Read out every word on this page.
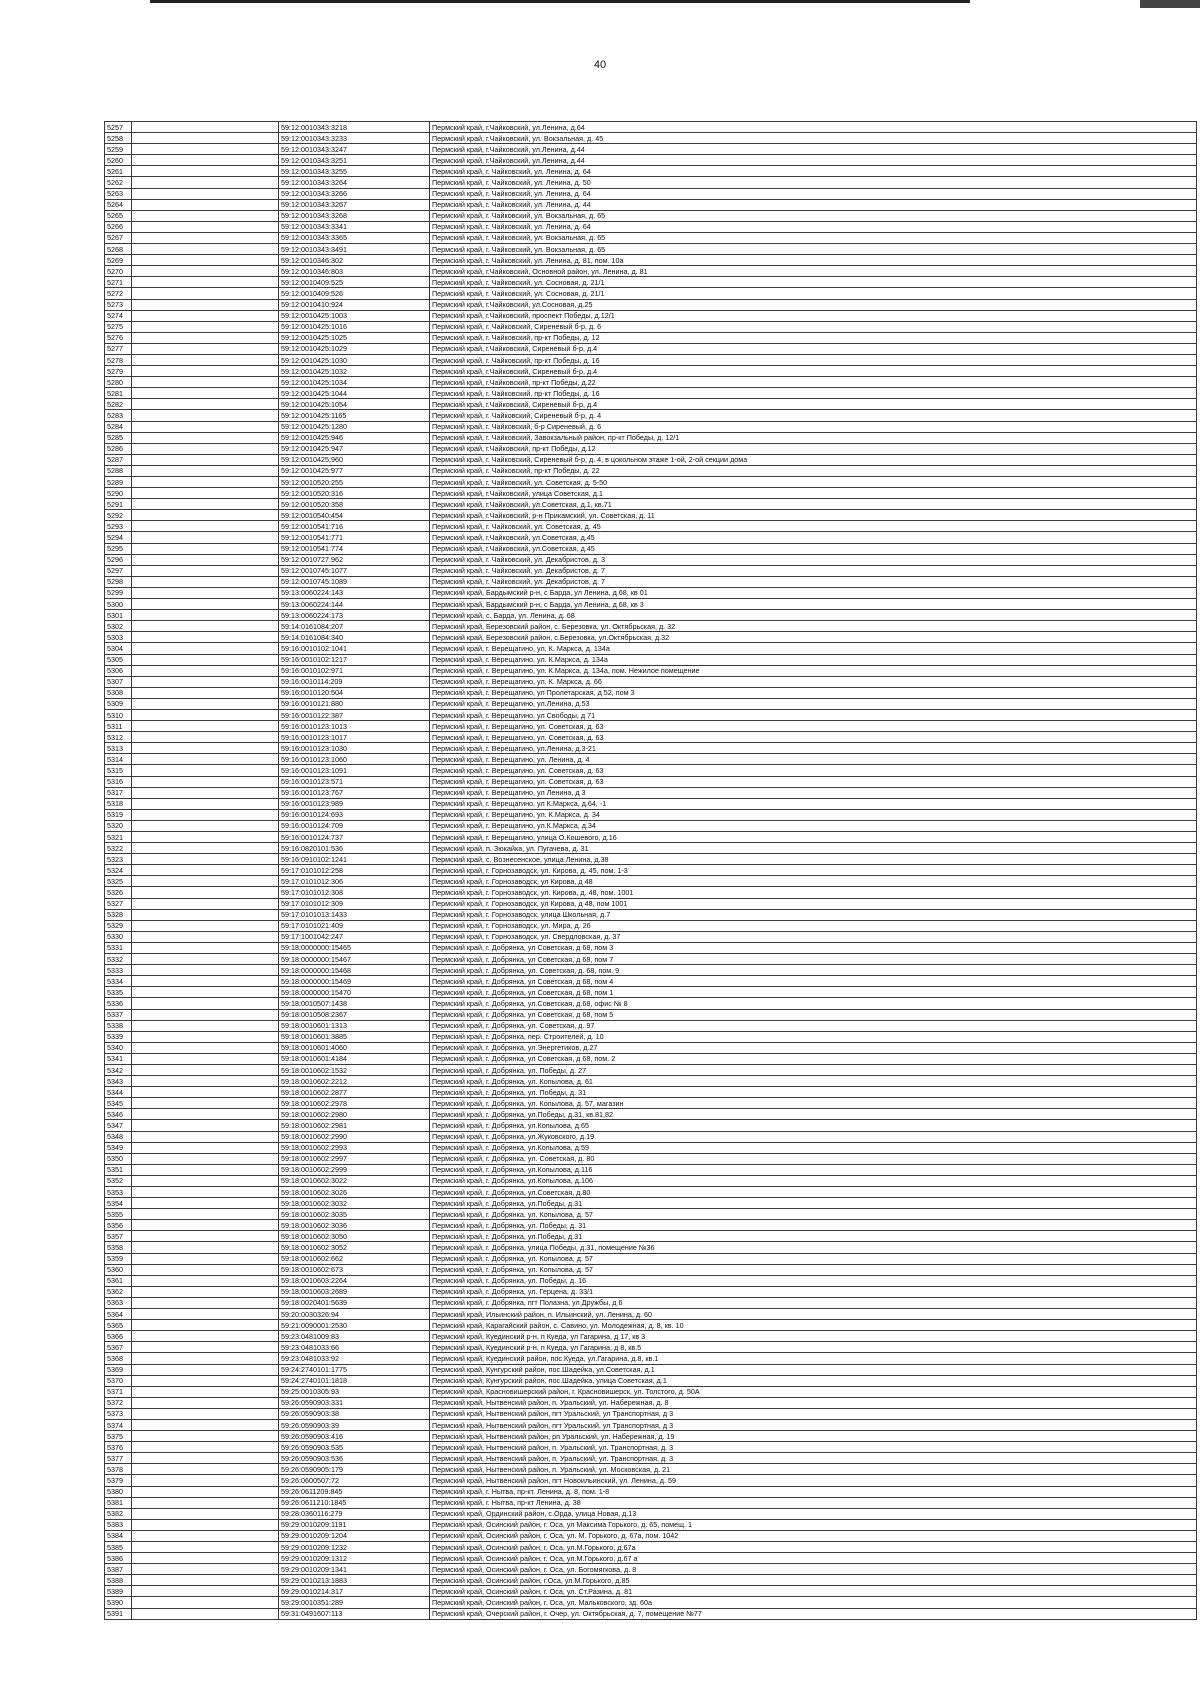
40
5257		59:12:0010343:3218	Пермский край, г.Чайковский, ул.Ленина, д.64
5258		59:12:0010343:3233	Пермский край, г.Чайковский, ул. Вокзальная, д. 45
5259		59:12:0010343:3247	Пермский край, г.Чайковский, ул.Ленина, д.44
5260		59:12:0010343:3251	Пермский край, г.Чайковский, ул.Ленина, д.44
5261		59:12:0010343:3255	Пермский край, г. Чайковский, ул. Ленина, д. 64
5262		59:12:0010343:3264	Пермский край, г. Чайковский, ул. Ленина, д. 50
5263		59:12:0010343:3266	Пермский край, г. Чайковский, ул. Ленина, д. 64
5264		59:12:0010343:3267	Пермский край, г. Чайковский, ул. Ленина, д. 44
5265		59:12:0010343:3268	Пермский край, г. Чайковский, ул. Вокзальная, д. 65
5266		59:12:0010343:3341	Пермский край, г. Чайковский, ул. Ленина, д. 64
5267		59:12:0010343:3365	Пермский край, г. Чайковский, ул. Вокзальная, д. 65
5268		59:12:0010343:3491	Пермский край, г. Чайковский, ул. Вокзальная, д. 65
5269		59:12:0010346:302	Пермский край, г. Чайковский, ул. Ленина, д. 81, пом. 10а
5270		59:12:0010346:803	Пермский край, г.Чайковский, Основной район, ул. Ленина, д. 81
5271		59:12:0010409:525	Пермский край, г. Чайковский, ул. Сосновая, д. 21/1
5272		59:12:0010409:526	Пермский край, г. Чайковский, ул. Сосновая, д. 21/1
5273		59:12:0010410:924	Пермский край, г.Чайковский, ул.Сосновая, д.25
5274		59:12:0010425:1003	Пермский край, г.Чайковский, проспект Победы, д.12/1
5275		59:12:0010425:1016	Пермский край, г. Чайковский, Сиреневый б-р, д. 6
5276		59:12:0010425:1025	Пермский край, г. Чайковский, пр-кт Победы, д. 12
5277		59:12:0010425:1029	Пермский край, г.Чайковский, Сиреневый б-р, д.4
5278		59:12:0010425:1030	Пермский край, г. Чайковский, пр-кт Победы, д. 16
5279		59:12:0010425:1032	Пермский край, г.Чайковский, Сиреневый б-р, д.4
5280		59:12:0010425:1034	Пермский край, г.Чайковский, пр-кт Победы, д.22
5281		59:12:0010425:1044	Пермский край, г. Чайковский, пр-кт Победы, д. 16
5282		59:12:0010425:1054	Пермский край, г.Чайковский, Сиреневый б-р, д.4
5283		59:12:0010425:1165	Пермский край, г. Чайковский, Сиреневый б-р, д. 4
5284		59:12:0010425:1280	Пермский край, г. Чайковский, б-р Сиреневый, д. 6
5285		59:12:0010425:946	Пермский край, г. Чайковский, Завокзальный район, пр-кт Победы, д. 12/1
5286		59:12:0010425:947	Пермский край, г.Чайковский, пр-кт Победы, д.12
5287		59:12:0010425:960	Пермский край, г. Чайковский, Сиреневый б-р, д. 4, в цокольном этаже 1-ой, 2-ой секции дома
5288		59:12:0010425:977	Пермский край, г. Чайковский, пр-кт Победы, д. 22
5289		59:12:0010520:255	Пермский край, г. Чайковский, ул. Советская, д. 5-50
5290		59:12:0010520:316	Пермский край, г.Чайковский, улица Советская, д.1
5291		59:12:0010520:358	Пермский край, г.Чайковский, ул.Советская, д.1, кв.71
5292		59:12:0010540:454	Пермский край, г.Чайковский, р-н Прикамский, ул. Советская, д. 11
5293		59:12:0010541:716	Пермский край, г. Чайковский, ул. Советская, д. 45
5294		59:12:0010541:771	Пермский край, г.Чайковский, ул.Советская, д.45
5295		59:12:0010541:774	Пермский край, г.Чайковский, ул.Советская, д.45
5296		59:12:0010727:962	Пермский край, г. Чайковский, ул. Декабристов, д. 3
5297		59:12:0010745:1077	Пермский край, г. Чайковский, ул. Декабристов, д. 7
5298		59:12:0010745:1089	Пермский край, г. Чайковский, ул. Декабристов, д. 7
5299		59:13:0060224:143	Пермский край, Бардымский р-н, с Барда, ул Ленина, д 68, кв 01
5300		59:13:0060224:144	Пермский край, Бардымский р-н, с Барда, ул Ленина, д 68, кв 3
5301		59:13:0060224:173	Пермский край, с. Барда, ул. Ленина, д. 68
5302		59:14:0161084:207	Пермский край, Березовский район, с. Березовка, ул. Октябрьская, д. 32
5303		59:14:0161084:340	Пермский край, Березовский район, с.Березовка, ул.Октябрьская, д.32
5304		59:16:0010102:1041	Пермский край, г. Верещагино, ул. К. Маркса, д. 134а
5305		59:16:0010102:1217	Пермский край, г. Верещагино, ул. К.Маркса, д. 134а
5306		59:16:0010102:971	Пермский край, г. Верещагино, ул. К.Маркса, д. 134а, пом. Нежилое помещение
5307		59:16:0010114:209	Пермский край, г. Верещагино, ул. К. Маркса, д. 66
5308		59:16:0010120:504	Пермский край, г. Верещагино, ул Пролетарская, д 52, пом 3
5309		59:16:0010121:880	Пермский край, г. Верещагино, ул.Ленина, д.53
5310		59:16:0010122:387	Пермский край, г. Верещагино, ул Свободы, д 71
5311		59:16:0010123:1013	Пермский край, г. Верещагино, ул. Советская, д. 63
5312		59:16:0010123:1017	Пермский край, г. Верещагино, ул. Советская, д. 63
5313		59:16:0010123:1030	Пермский край, г. Верещагино, ул.Ленина, д.3-21
5314		59:16:0010123:1060	Пермский край, г. Верещагино, ул. Ленина, д. 4
5315		59:16:0010123:1091	Пермский край, г. Верещагино, ул. Советская, д. 63
5316		59:16:0010123:571	Пермский край, г. Верещагино, ул. Советская, д. 63
5317		59:16:0010123:767	Пермский край, г. Верещагино, ул Ленина, д 3
5318		59:16:0010123:989	Пермский край, г. Верещагино, ул К.Маркса, д.64, -1
5319		59:16:0010124:693	Пермский край, г. Верещагино, ул. К.Маркса, д. 34
5320		59:16:0010124:709	Пермский край, г. Верещагино, ул.К.Маркса, д.34
5321		59:16:0010124:737	Пермский край, г. Верещагино, улица О.Кошевого, д.16
5322		59:16:0820101:536	Пермский край, п. Зюкайка, ул. Пугачева, д. 31
5323		59:16:0910102:1241	Пермский край, с. Вознесенское, улица Ленина, д.38
5324		59:17:0101012:258	Пермский край, г. Горнозаводск, ул. Кирова, д. 45, пом. 1-3
5325		59:17:0101012:306	Пермский край, г. Горнозаводск, ул Кирова, д 48
5326		59:17:0101012:308	Пермский край, г. Горнозаводск, ул. Кирова, д. 48, пом. 1001
5327		59:17:0101012:309	Пермский край, г. Горнозаводск, ул Кирова, д 48, пом 1001
5328		59:17:0101013:1433	Пермский край, г. Горнозаводск, улица Школьная, д.7
5329		59:17:0101021:409	Пермский край, г. Горнозаводск, ул. Мира, д. 26
5330		59:17:1001042:247	Пермский край, г. Горнозаводск, ул. Свердловская, д. 37
5331		59:18:0000000:15465	Пермский край, г. Добрянка, ул Советская, д 68, пом 3
5332		59:18:0000000:15467	Пермский край, г. Добрянка, ул Советская, д 68, пом 7
5333		59:18:0000000:15468	Пермский край, г. Добрянка, ул. Советская, д. 68, пом. 9
5334		59:18:0000000:15469	Пермский край, г. Добрянка, ул Советская, д 68, пом 4
5335		59:18:0000000:15470	Пермский край, г. Добрянка, ул Советская, д 68, пом 1
5336		59:18:0010507:1438	Пермский край, г. Добрянка, ул.Советская, д.68, офис № 8
5337		59:18:0010508:2367	Пермский край, г. Добрянка, ул Советская, д 68, пом 5
5338		59:18:0010601:1313	Пермский край, г. Добрянка, ул. Советская, д. 97
5339		59:18:0010601:3885	Пермский край, г. Добрянка, пер. Строителей, д. 10
5340		59:18:0010601:4060	Пермский край, г. Добрянка, ул.Энергетиков, д.27
5341		59:18:0010601:4184	Пермский край, г. Добрянка, ул Советская, д 68, пом. 2
5342		59:18:0010602:1532	Пермский край, г. Добрянка, ул. Победы, д. 27
5343		59:18:0010602:2212	Пермский край, г. Добрянка, ул. Копылова, д. 61
5344		59:18:0010602:2877	Пермский край, г. Добрянка, ул. Победы, д. 31
5345		59:18:0010602:2978	Пермский край, г. Добрянка, ул. Копылова, д. 57, магазин
5346		59:18:0010602:2980	Пермский край, г. Добрянка, ул.Победы, д.31, кв.81,82
5347		59:18:0010602:2981	Пермский край, г. Добрянка, ул.Копылова, д.65
5348		59:18:0010602:2990	Пермский край, г. Добрянка, ул.Жуковского, д.19
5349		59:18:0010602:2993	Пермский край, г. Добрянка, ул.Копылова, д.59
5350		59:18:0010602:2997	Пермский край, г. Добрянка, ул. Советская, д. 80
5351		59:18:0010602:2999	Пермский край, г. Добрянка, ул.Копылова, д.116
5352		59:18:0010602:3022	Пермский край, г. Добрянка, ул.Копылова, д.106
5353		59:18:0010602:3026	Пермский край, г. Добрянка, ул.Советская, д.80
5354		59:18:0010602:3032	Пермский край, г. Добрянка, ул.Победы, д.31
5355		59:18:0010602:3035	Пермский край, г. Добрянка, ул. Копылова, д. 57
5356		59:18:0010602:3036	Пермский край, г. Добрянка, ул. Победы, д. 31
5357		59:18:0010602:3050	Пермский край, г. Добрянка, ул.Победы, д.31
5358		59:18:0010602:3052	Пермский край, г. Добрянка, улица Победы, д.31, помещение №36
5359		59:18:0010602:662	Пермский край, г. Добрянка, ул. Копылова, д. 57
5360		59:18:0010602:673	Пермский край, г. Добрянка, ул. Копылова, д. 57
5361		59:18:0010603:2264	Пермский край, г. Добрянка, ул. Победы, д. 16
5362		59:18:0010603:2689	Пермский край, г. Добрянка, ул. Герцена, д. 33/1
5363		59:18:0020401:5639	Пермский край, г. Добрянка, пгт Полазна, ул Дружбы, д 6
5364		59:20:0030326:94	Пермский край, Ильинский район, п. Ильинский, ул. Ленина, д. 60
5365		59:21:0090001:2530	Пермский край, Карагайский район, с. Савино, ул. Молодежная, д. 8, кв. 10
5366		59:23:0481009:83	Пермский край, Куединский р-н, п Куеда, ул Гагарина, д 17, кв 3
5367		59:23:0481033:66	Пермский край, Куединский р-н, п Куеда, ул Гагарина, д 8, кв.5
5368		59:23:0481033:92	Пермский край, Куединский район, пос.Куеда, ул.Гагарина, д.8, кв.1
5369		59:24:2740101:1775	Пермский край, Кунгурский район, пос.Шадейка, ул.Советская, д.1
5370		59:24:2740101:1818	Пермский край, Кунгурский район, пос.Шадейка, улица Советская, д.1
5371		59:25:0010305:93	Пермский край, Красновишерский район, г. Красновишерск, ул. Толстого, д. 50А
5372		59:26:0590903:331	Пермский край, Нытвенский район, п. Уральский, ул. Набережная, д. 8
5373		59:26:0590903:38	Пермский край, Нытвенский район, пгт Уральский, ул Транспортная, д 3
5374		59:26:0590903:39	Пермский край, Нытвенский район, пгт Уральский, ул Транспортная, д 3
5375		59:26:0590903:416	Пермский край, Нытвенский район, рп Уральский, ул. Набережная, д. 19
5376		59:26:0590903:535	Пермский край, Нытвенский район, п. Уральский, ул. Транспортная, д. 3
5377		59:26:0590903:536	Пермский край, Нытвенский район, п. Уральский, ул. Транспортная, д. 3
5378		59:26:0590905:179	Пермский край, Нытвенский район, п. Уральский, ул. Московская, д. 21
5379		59:26:0600507:72	Пермский край, Нытвенский район, пгт Новоильинский, ул. Ленина, д. 59
5380		59:26:0611209:845	Пермский край, г. Нытва, пр-кт. Ленина, д. 8, пом. 1-8
5381		59:26:0611210:1845	Пермский край, г. Нытва, пр-кт Ленина, д. 38
5382		59:28:0360116:279	Пермский край, Ординский район, с.Орда, улица Новая, д.13
5383		59:29:0010209:1191	Пермский край, Осинский район, г. Оса, ул Максима Горького, д. 65, помещ. 1
5384		59:29:0010209:1204	Пермский край, Осинский район, г. Оса, ул. М. Горького, д. 67а, пом. 1042
5385		59:29:0010209:1232	Пермский край, Осинский район, г. Оса, ул.М.Горького, д.67а
5386		59:29:0010209:1312	Пермский край, Осинский район, г. Оса, ул.М.Горького, д.67 а
5387		59:29:0010209:1341	Пермский край, Осинский район, г. Оса, ул. Богомягкова, д. 8
5388		59:29:0010213:1883	Пермский край, Осинский район, г.Оса, ул.М.Горького, д.85
5389		59:29:0010214:317	Пермский край, Осинский район, г. Оса, ул. Ст.Разина, д. 81
5390		59:29:0010351:289	Пермский край, Осинский район, г. Оса, ул. Мальковского, зд. 60а
5391		59:31:0491607:113	Пермский край, Очерский район, г. Очер, ул. Октябрьская, д. 7, помещение №77
